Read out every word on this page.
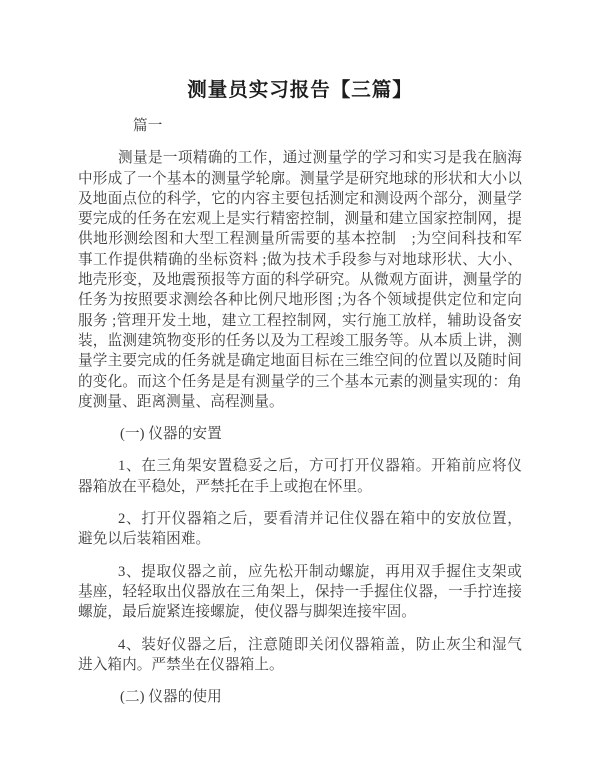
测量员实习报告【三篇】

篇一

测量是一项精确的工作，通过测量学的学习和实习是我在脑海中形成了一个基本的测量学轮廓。测量学是研究地球的形状和大小以及地面点位的科学，它的内容主要包括测定和测设两个部分，测量学要完成的任务在宏观上是实行精密控制，测量和建立国家控制网，提供地形测绘图和大型工程测量所需要的基本控制　;为空间科技和军事工作提供精确的坐标资料 ;做为技术手段参与对地球形状、大小、地壳形变，及地震预报等方面的科学研究。从微观方面讲，测量学的任务为按照要求测绘各种比例尺地形图 ;为各个领域提供定位和定向服务 ;管理开发土地，建立工程控制网，实行施工放样，辅助设备安装，监测建筑物变形的任务以及为工程竣工服务等。从本质上讲，测量学主要完成的任务就是确定地面目标在三维空间的位置以及随时间的变化。而这个任务是是有测量学的三个基本元素的测量实现的：角度测量、距离测量、高程测量。

(一) 仪器的安置

1、在三角架安置稳妥之后，方可打开仪器箱。开箱前应将仪器箱放在平稳处，严禁托在手上或抱在怀里。

2、打开仪器箱之后，要看清并记住仪器在箱中的安放位置，避免以后装箱困难。

3、提取仪器之前，应先松开制动螺旋，再用双手握住支架或基座，轻轻取出仪器放在三角架上，保持一手握住仪器，一手拧连接螺旋，最后旋紧连接螺旋，使仪器与脚架连接牢固。

4、装好仪器之后，注意随即关闭仪器箱盖，防止灰尘和湿气进入箱内。严禁坐在仪器箱上。

(二) 仪器的使用
